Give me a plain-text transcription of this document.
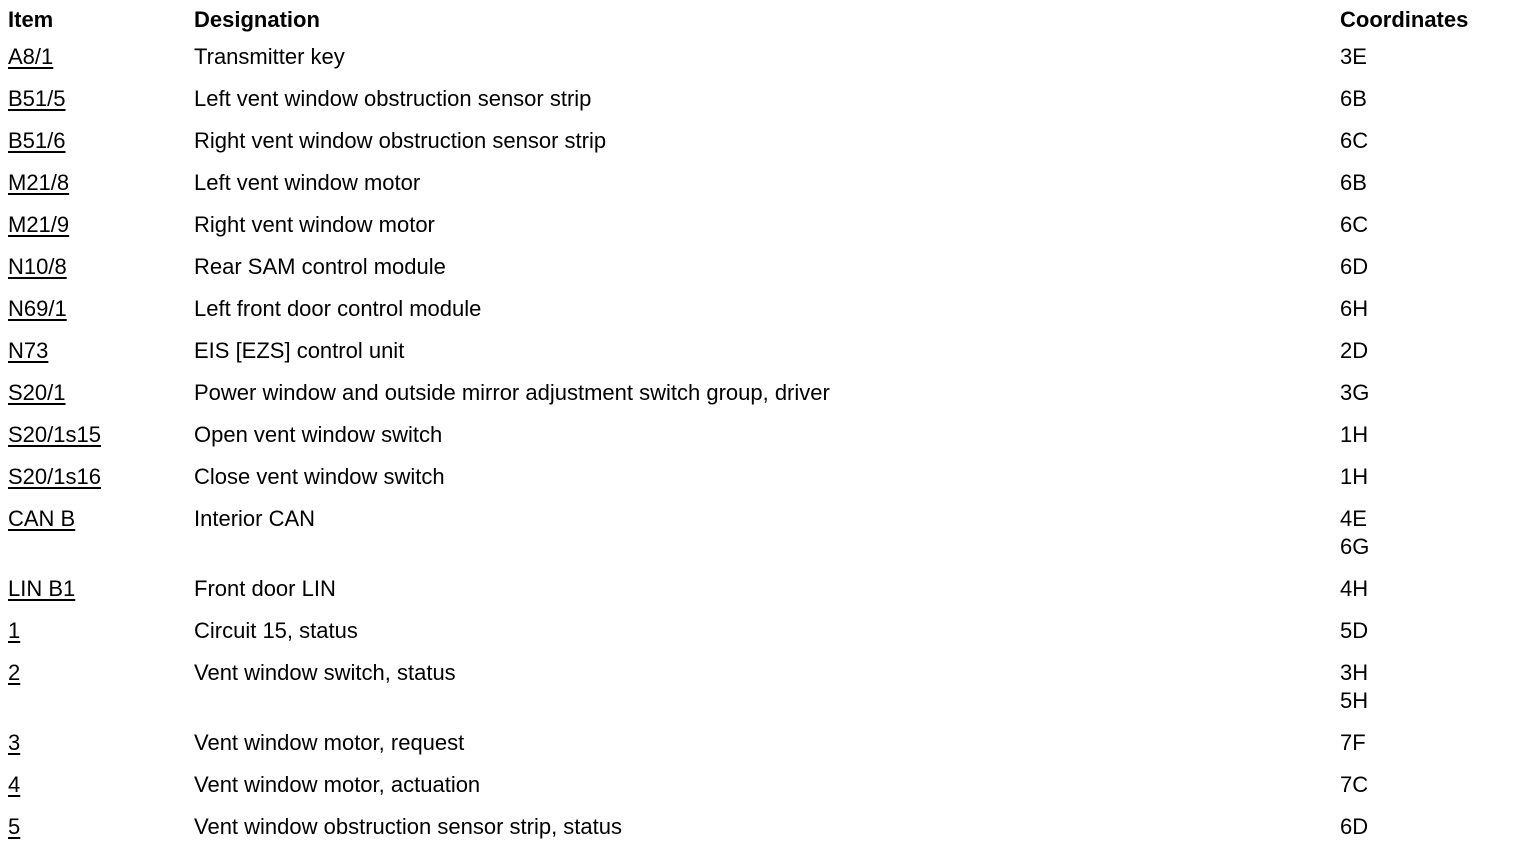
Item	Designation	Coordinates
A8/1	Transmitter key	3E

B51/5	Left vent window obstruction sensor strip	6B

B51/6	Right vent window obstruction sensor strip	6C

M21/8	Left vent window motor	6B

M21/9	Right vent window motor	6C

N10/8	Rear SAM control module	6D

N69/1	Left front door control module	6H

N73	EIS [EZS] control unit	2D

S20/1	Power window and outside mirror adjustment switch group, driver	3G

S20/1s15	Open vent window switch	1H

S20/1s16	Close vent window switch	1H

CAN B	Interior CAN	4E
6G

LIN B1	Front door LIN	4H

1	Circuit 15, status	5D

2	Vent window switch, status	3H
5H

3	Vent window motor, request	7F

4	Vent window motor, actuation	7C

5	Vent window obstruction sensor strip, status	6D
